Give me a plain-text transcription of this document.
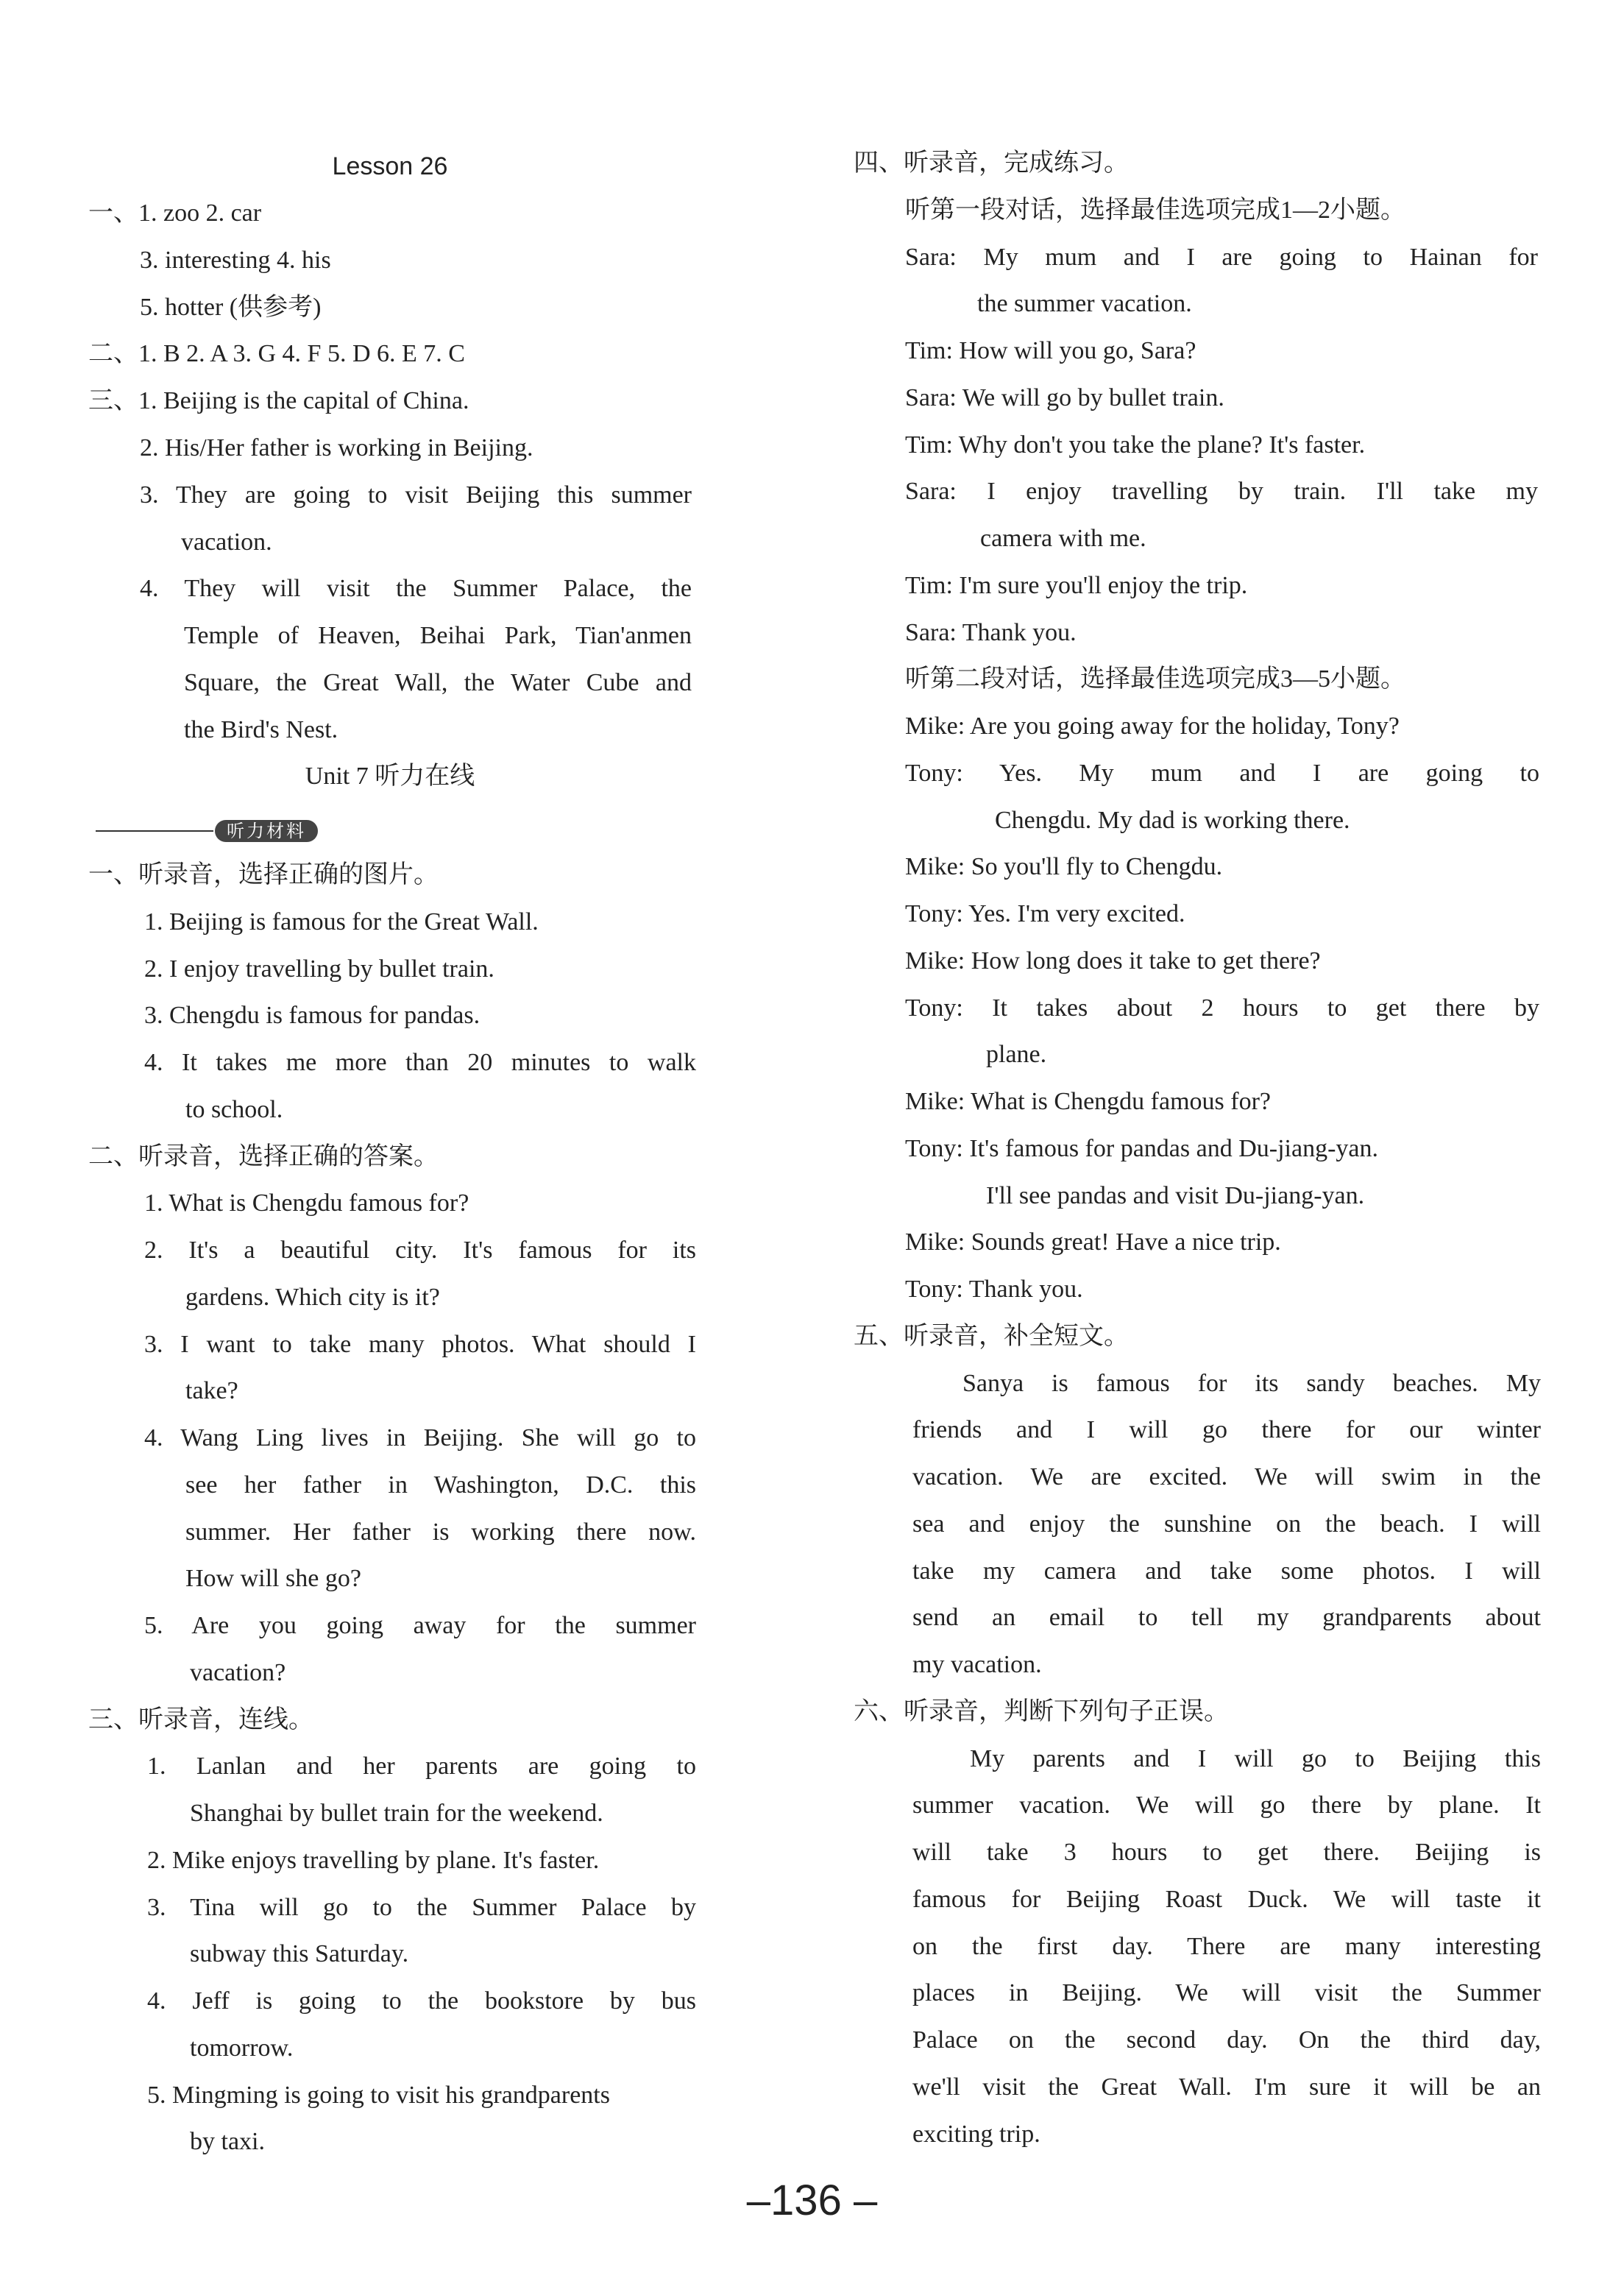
Lesson 26
一、1. zoo 2. car
3. interesting 4. his
5. hotter (供参考)
二、1. B 2. A 3. G 4. F 5. D 6. E 7. C
三、1. Beijing is the capital of China.
2. His/Her father is working in Beijing.
3. They are going to visit Beijing this summer
vacation.
4. They will visit the Summer Palace, the
Temple of Heaven, Beihai Park, Tian'anmen
Square, the Great Wall, the Water Cube and
the Bird's Nest.
Unit 7 听力在线
听力材料
一、听录音，选择正确的图片。
1. Beijing is famous for the Great Wall.
2. I enjoy travelling by bullet train.
3. Chengdu is famous for pandas.
4. It takes me more than 20 minutes to walk
to school.
二、听录音，选择正确的答案。
1. What is Chengdu famous for?
2. It's a beautiful city. It's famous for its
gardens. Which city is it?
3. I want to take many photos. What should I
take?
4. Wang Ling lives in Beijing. She will go to
see her father in Washington, D.C. this
summer. Her father is working there now.
How will she go?
5. Are you going away for the summer
vacation?
三、听录音，连线。
1. Lanlan and her parents are going to
Shanghai by bullet train for the weekend.
2. Mike enjoys travelling by plane. It's faster.
3. Tina will go to the Summer Palace by
subway this Saturday.
4. Jeff is going to the bookstore by bus
tomorrow.
5. Mingming is going to visit his grandparents
by taxi.
四、听录音，完成练习。
听第一段对话，选择最佳选项完成1—2小题。
Sara: My mum and I are going to Hainan for
the summer vacation.
Tim: How will you go, Sara?
Sara: We will go by bullet train.
Tim: Why don't you take the plane? It's faster.
Sara: I enjoy travelling by train. I'll take my
camera with me.
Tim: I'm sure you'll enjoy the trip.
Sara: Thank you.
听第二段对话，选择最佳选项完成3—5小题。
Mike: Are you going away for the holiday, Tony?
Tony: Yes. My mum and I are going to
Chengdu. My dad is working there.
Mike: So you'll fly to Chengdu.
Tony: Yes. I'm very excited.
Mike: How long does it take to get there?
Tony: It takes about 2 hours to get there by
plane.
Mike: What is Chengdu famous for?
Tony: It's famous for pandas and Du-jiang-yan.
I'll see pandas and visit Du-jiang-yan.
Mike: Sounds great! Have a nice trip.
Tony: Thank you.
五、听录音，补全短文。
Sanya is famous for its sandy beaches. My
friends and I will go there for our winter
vacation. We are excited. We will swim in the
sea and enjoy the sunshine on the beach. I will
take my camera and take some photos. I will
send an email to tell my grandparents about
my vacation.
六、听录音，判断下列句子正误。
My parents and I will go to Beijing this
summer vacation. We will go there by plane. It
will take 3 hours to get there. Beijing is
famous for Beijing Roast Duck. We will taste it
on the first day. There are many interesting
places in Beijing. We will visit the Summer
Palace on the second day. On the third day,
we'll visit the Great Wall. I'm sure it will be an
exciting trip.
–136 –
